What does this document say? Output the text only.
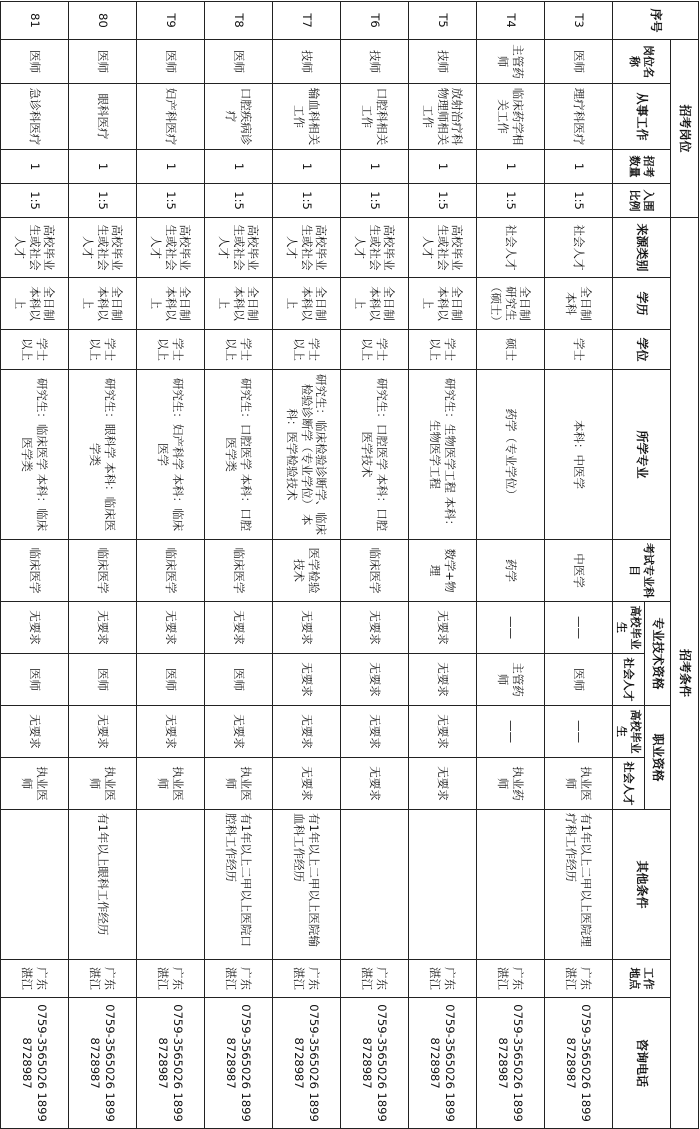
序号	招考岗位				招考条件											
	岗位名称	从事工作	招考数量	入围比例	来源类别	学历	学位	所学专业	考试专业科目	专业技术资格		职业资格		其他条件	工作地点	咨询电话
										高校毕业生	社会人才	高校毕业生	社会人才			
T3	医师	理疗科医疗	1	1:5	社会人才	全日制本科	学士	本科：中医学	中医学	——	医师	——	执业医师	有1年以上二甲以上医院理疗科工作经历	广东湛江	0759-3565026 18998728987
T4	主管药师	临床药学相关工作	1	1:5	社会人才	全日制研究生（硕士）	硕士	药学（专业学位）	药学	——	主管药师	——	执业药师		广东湛江	0759-3565026 18998728987
T5	技师	放射治疗科物理师相关工作	1	1:5	高校毕业生或社会人才	全日制本科以上	学士以上	研究生：生物医学工程 本科：生物医学工程	数学+物理	无要求	无要求	无要求	无要求		广东湛江	0759-3565026 18998728987
T6	技师	口腔科相关工作	1	1:5	高校毕业生或社会人才	全日制本科以上	学士以上	研究生：口腔医学 本科：口腔医学技术	临床医学	无要求	无要求	无要求	无要求		广东湛江	0759-3565026 18998728987
T7	技师	输血科相关工作	1	1:5	高校毕业生或社会人才	全日制本科以上	学士以上	研究生：临床检验诊断学、临床检验诊断学（专业学位） 本科：医学检验技术	医学检验技术	无要求	无要求	无要求	无要求	有1年以上二甲以上医院输血科工作经历	广东湛江	0759-3565026 18998728987
T8	医师	口腔疾病诊疗	1	1:5	高校毕业生或社会人才	全日制本科以上	学士以上	研究生：口腔医学 本科：口腔医学类	临床医学	无要求	医师	无要求	执业医师	有1年以上二甲以上医院口腔科工作经历	广东湛江	0759-3565026 18998728987
T9	医师	妇产科医疗	1	1:5	高校毕业生或社会人才	全日制本科以上	学士以上	研究生：妇产科学 本科：临床医学	临床医学	无要求	医师	无要求	执业医师		广东湛江	0759-3565026 18998728987
80	医师	眼科医疗	1	1:5	高校毕业生或社会人才	全日制本科以上	学士以上	研究生：眼科学 本科：临床医学类	临床医学	无要求	医师	无要求	执业医师	有1年以上眼科工作经历	广东湛江	0759-3565026 18998728987
81	医师	急诊科医疗	1	1:5	高校毕业生或社会人才	全日制本科以上	学士以上	研究生：临床医学 本科：临床医学类	临床医学	无要求	医师	无要求	执业医师		广东湛江	0759-3565026 18998728987
